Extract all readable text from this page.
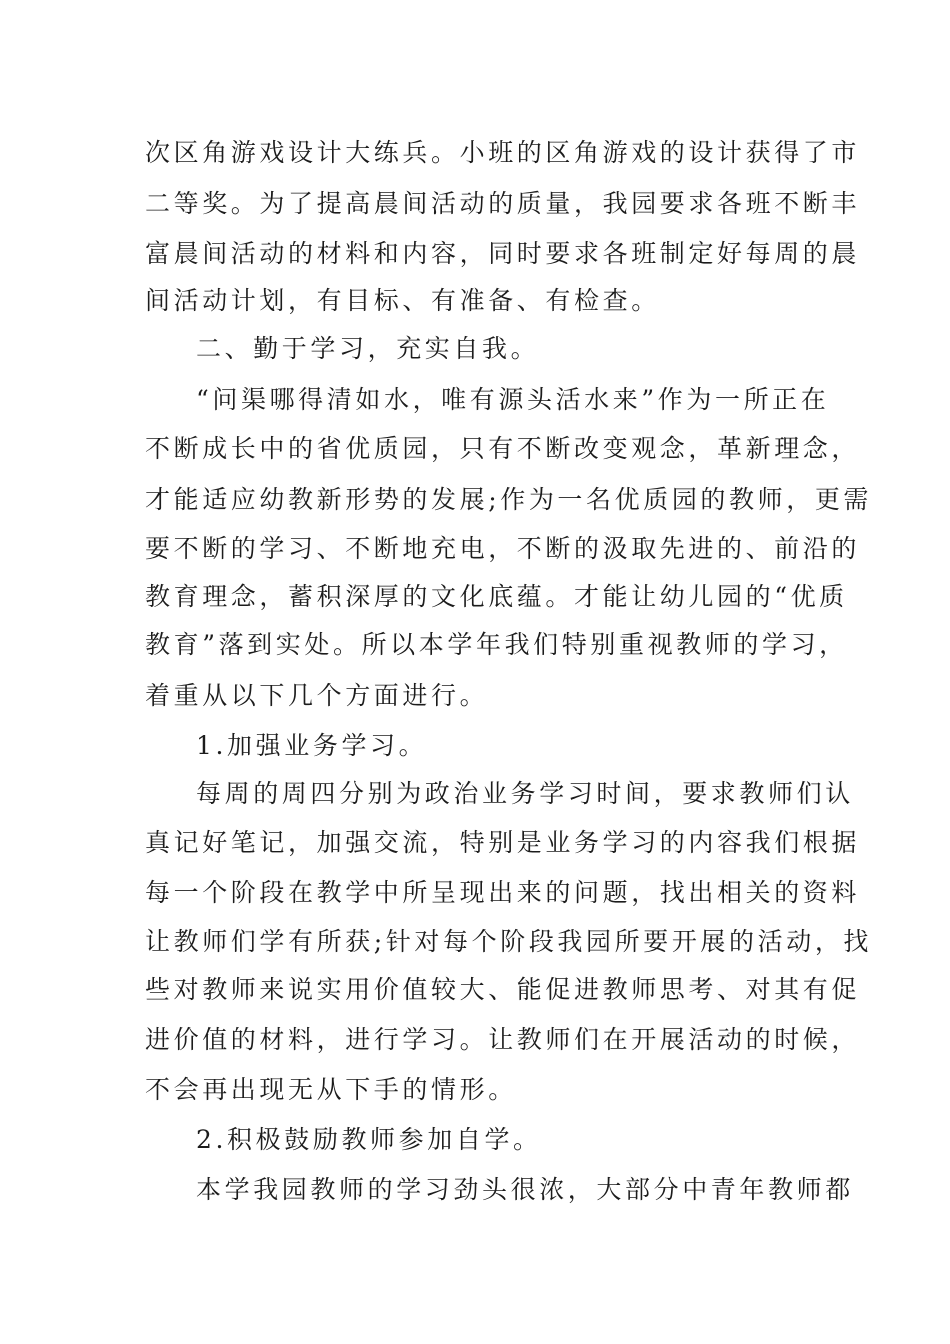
次区角游戏设计大练兵。小班的区角游戏的设计获得了市
二等奖。为了提高晨间活动的质量，我园要求各班不断丰
富晨间活动的材料和内容，同时要求各班制定好每周的晨
间活动计划，有目标、有准备、有检查。
二、勤于学习，充实自我。
“问渠哪得清如水，唯有源头活水来”作为一所正在
不断成长中的省优质园，只有不断改变观念，革新理念，
才能适应幼教新形势的发展;作为一名优质园的教师，更需
要不断的学习、不断地充电，不断的汲取先进的、前沿的
教育理念，蓄积深厚的文化底蕴。才能让幼儿园的“优质
教育”落到实处。所以本学年我们特别重视教师的学习，
着重从以下几个方面进行。
1.加强业务学习。
每周的周四分别为政治业务学习时间，要求教师们认
真记好笔记，加强交流，特别是业务学习的内容我们根据
每一个阶段在教学中所呈现出来的问题，找出相关的资料
让教师们学有所获;针对每个阶段我园所要开展的活动，找
些对教师来说实用价值较大、能促进教师思考、对其有促
进价值的材料，进行学习。让教师们在开展活动的时候，
不会再出现无从下手的情形。
2.积极鼓励教师参加自学。
本学我园教师的学习劲头很浓，大部分中青年教师都
